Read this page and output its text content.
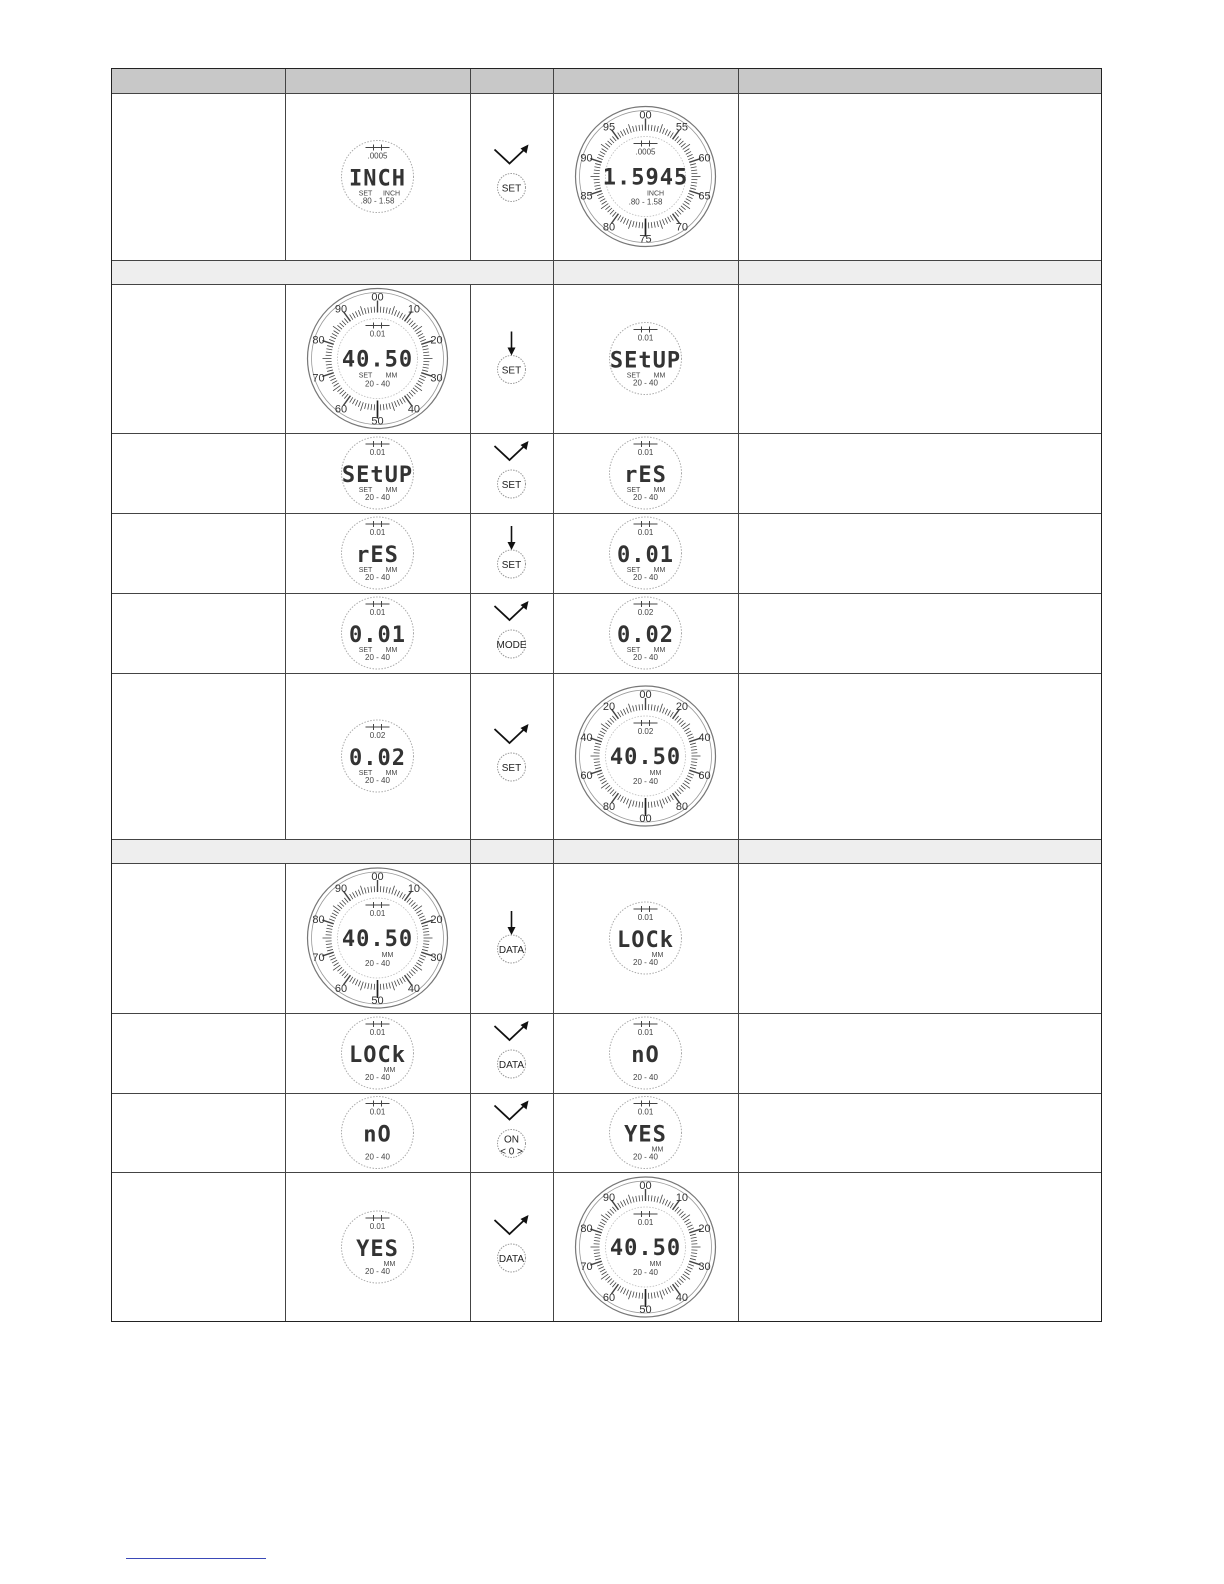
.0005
INCH
SET INCH
.80 - 1.58
SET
00
55
60
65
70
75
80
85
90
95
.0005
1.5945
INCH
.80 - 1.58
00
10
20
30
40
50
60
70
80
90
0.01
40.50
SET MM
20 - 40
SET
0.01
SEtUP
SET MM
20 - 40
0.01
SEtUP
SET MM
20 - 40
SET
0.01
rES
SET MM
20 - 40
0.01
rES
SET MM
20 - 40
SET
0.01
0.01
SET MM
20 - 40
0.01
0.01
SET MM
20 - 40
MODE
0.02
0.02
SET MM
20 - 40
0.02
0.02
SET MM
20 - 40
SET
00
20
40
60
80
00
80
60
40
20
0.02
40.50
MM
20 - 40
00
10
20
30
40
50
60
70
80
90
0.01
40.50
MM
20 - 40
DATA
0.01
LOCk
MM
20 - 40
0.01
LOCk
MM
20 - 40
DATA
0.01
nO
20 - 40
0.01
nO
20 - 40
ON
< 0 >
0.01
YES
MM
20 - 40
0.01
YES
MM
20 - 40
DATA
00
10
20
30
40
50
60
70
80
90
0.01
40.50
MM
20 - 40
